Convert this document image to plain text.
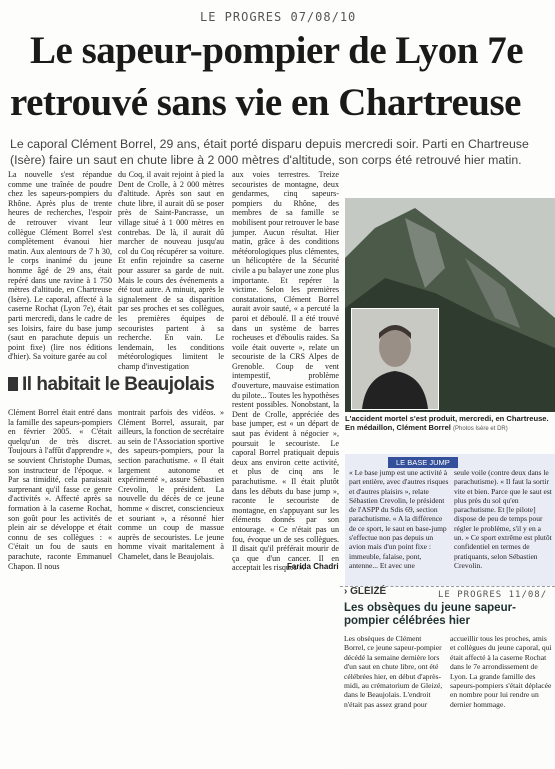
LE PROGRES 07/08/10
Le sapeur-pompier de Lyon 7e
retrouvé sans vie en Chartreuse
Le caporal Clément Borrel, 29 ans, était porté disparu depuis mercredi soir. Parti en Chartreuse (Isère) faire un saut en chute libre à 2 000 mètres d'altitude, son corps été retrouvé hier matin.

La nouvelle s'est répandue comme une traînée de poudre chez les sapeurs-pompiers du Rhône. Après plus de trente heures de recherches, l'espoir de retrouver vivant leur collègue Clément Borrel s'est complètement évanoui hier matin. Aux alentours de 7 h 30, le corps inanimé du jeune homme âgé de 29 ans, était repéré dans une ravine à 1 750 mètres d'altitude, en Chartreuse (Isère). Le caporal, affecté à la caserne Rochat (Lyon 7e), était parti mercredi, dans le cadre de ses loisirs, faire du base jump (saut en parachute depuis un point fixe) (lire nos éditions d'hier). Sa voiture garée au col

du Coq, il avait rejoint à pied la Dent de Crolle, à 2 000 mètres d'altitude. Après son saut en chute libre, il aurait dû se poser près de Saint-Pancrasse, un village situé à 1 000 mètres en contrebas. De là, il aurait dû marcher de nouveau jusqu'au col du Coq récupérer sa voiture. Et enfin rejoindre sa caserne pour assurer sa garde de nuit. Mais le cours des événements a été tout autre. A minuit, après le signalement de sa disparition par ses proches et ses collègues, les premières équipes de secouristes partent à sa recherche. En vain. Le lendemain, les conditions météorologiques limitent le champ d'investigation

aux voies terrestres. Treize secouristes de montagne, deux gendarmes, cinq sapeurs-pompiers du Rhône, des membres de sa famille se mobilisent pour retrouver le base jumper. Aucun résultat. Hier matin, grâce à des conditions météorologiques plus clémentes, un hélicoptère de la Sécurité civile a pu balayer une zone plus importante. Et repérer la victime. Selon les premières constatations, Clément Borrel aurait avoir sauté, « a percuté la paroi et déboulé. Il a été trouvé dans un système de barres rocheuses et d'éboulis raides. Sa voile était ouverte », relate un secouriste de la CRS Alpes de Grenoble. Coup de vent intempestif, problème d'ouverture, mauvaise estimation du pilote... Toutes les hypothèses restent possibles. Nonobstant, la Dent de Crolle, appréciée des base jumper, est « un départ de saut pas évident à négocier », poursuit le secouriste. Le caporal Borrel pratiquait depuis deux ans environ cette activité, et plus de cinq ans le parachutisme. « Il était plutôt dans les débuts du base jump », raconte le secouriste de montagne, en s'appuyant sur les éléments donnés par son entourage. « Ce n'était pas un fou, évoque un de ses collègues. Il disait qu'il préférait mourir de ça que d'un cancer. Il en acceptait les risques ».

Il habitait le Beaujolais

Clément Borrel était entré dans la famille des sapeurs-pompiers en février 2005. « C'était quelqu'un de très discret. Toujours à l'affût d'apprendre », se souvient Christophe Dumas, son instructeur de l'époque. « Par sa timidité, cela paraissait surprenant qu'il fasse ce genre d'activités ». Affecté après sa formation à la caserne Rochat, son goût pour les activités de plein air se développe et était connu de ses collègues : « C'était un fou de sauts en parachute, raconte Emmanuel Chapon. Il nous

montrait parfois des vidéos. » Clément Borrel, assurait, par ailleurs, la fonction de secrétaire au sein de l'Association sportive des sapeurs-pompiers, pour la section parachutisme. « Il était largement autonome et expérimenté », assure Sébastien Crevolin, le président. La nouvelle du décès de ce jeune homme « discret, consciencieux et souriant », a résonné hier comme un coup de massue auprès de secouristes. Le jeune homme vivait maritalement à Chamelet, dans le Beaujolais.

Farida Chadri
L'accident mortel s'est produit, mercredi, en Chartreuse. En médaillon, Clément Borrel (Photos Isère et DR)
LE BASE JUMP
« Le base jump est une activité à part entière, avec d'autres risques et d'autres plaisirs », relate Sébastien Crevolin, le président de l'ASPP du Sdis 69, section parachutisme. « A la différence de ce sport, le saut en base-jump s'effectue non pas depuis un avion mais d'un point fixe : immeuble, falaise, pont, antenne... Et avec une
seule voile (contre deux dans le parachutisme). « Il faut la sortir vite et bien. Parce que le saut est plus près du sol qu'en parachutisme. Et [le pilote] dispose de peu de temps pour régler le problème, s'il y en a un. » Ce sport extrême est plutôt confidentiel en termes de pratiquants, selon Sébastien Crevolin.
LE PROGRES 11/08/
› GLEIZÉ
Les obsèques du jeune sapeur-pompier célébrées hier
Les obsèques de Clément Borrel, ce jeune sapeur-pompier décédé la semaine dernière lors d'un saut en chute libre, ont été célébrées hier, en début d'après-midi, au crématorium de Gleizé, dans le Beaujolais. L'endroit n'était pas assez grand pour
accueillir tous les proches, amis et collègues du jeune caporal, qui était affecté à la caserne Rochat dans le 7e arrondissement de Lyon. La grande famille des sapeurs-pompiers s'était déplacée en nombre pour lui rendre un dernier hommage.
